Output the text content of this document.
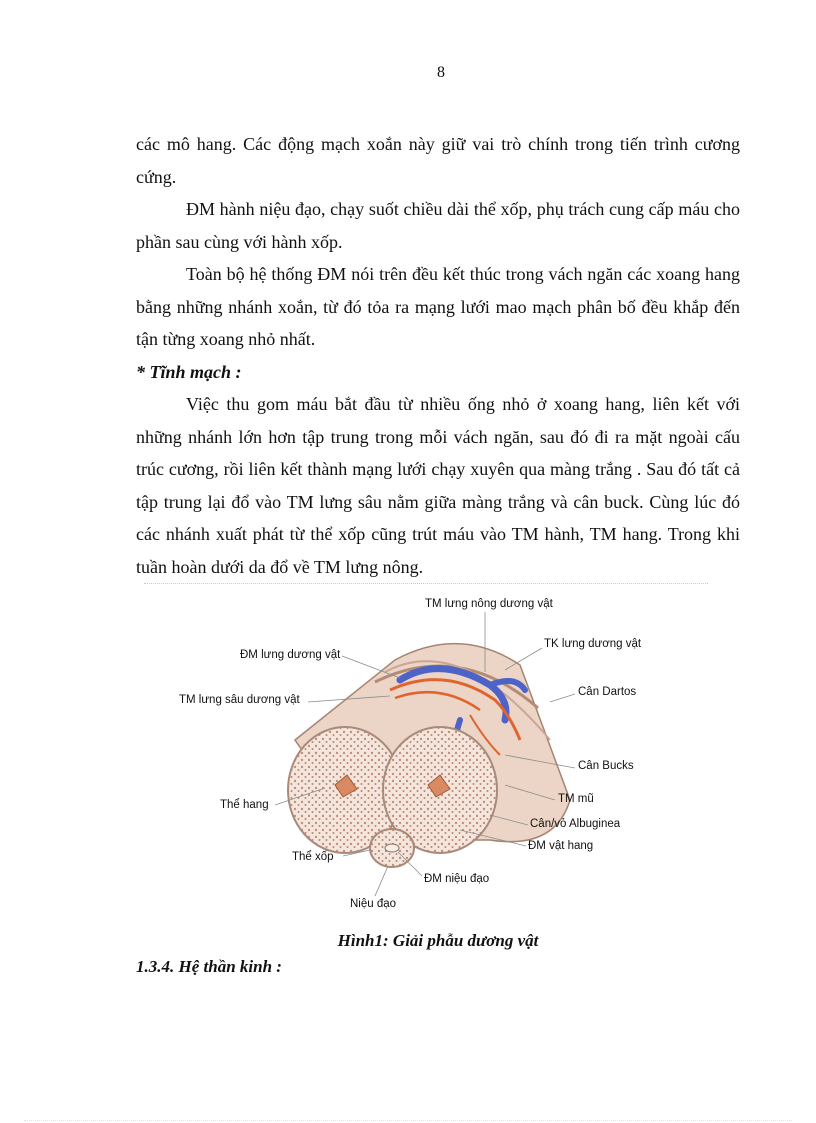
8

các mô hang. Các động mạch xoắn này giữ vai trò chính trong tiến trình cương cứng.

ĐM hành niệu đạo, chạy suốt chiều dài thể xốp, phụ trách cung cấp máu cho phần sau cùng với hành xốp.

Toàn bộ hệ thống ĐM nói trên đều kết thúc trong vách ngăn các xoang hang bằng những nhánh xoắn, từ đó tỏa ra mạng lưới mao mạch phân bố đều khắp đến tận từng xoang nhỏ nhất.

* Tĩnh mạch :

Việc thu gom máu bắt đầu từ nhiều ống nhỏ ở xoang hang, liên kết với những nhánh lớn hơn tập trung trong mỗi vách ngăn, sau đó đi ra mặt ngoài cấu trúc cương, rồi liên kết thành mạng lưới chạy xuyên qua màng trắng . Sau đó tất cả tập trung lại đổ vào TM lưng sâu nằm giữa màng trắng và cân buck. Cùng lúc đó các nhánh xuất phát từ thể xốp cũng trút máu vào TM hành, TM hang. Trong khi tuần hoàn dưới da đổ về TM lưng nông.

TM lưng nông dương vật
ĐM lưng dương vật
TK lưng dương vật
TM lưng sâu dương vật
Cân Dartos
Cân Bucks
Thể hang	TM mũ
Cân/vỏ Albuginea
ĐM vật hang
Thể xốp
ĐM niệu đạo
Niệu đạo
Hình1: Giải phẫu dương vật
1.3.4. Hệ thần kinh :
